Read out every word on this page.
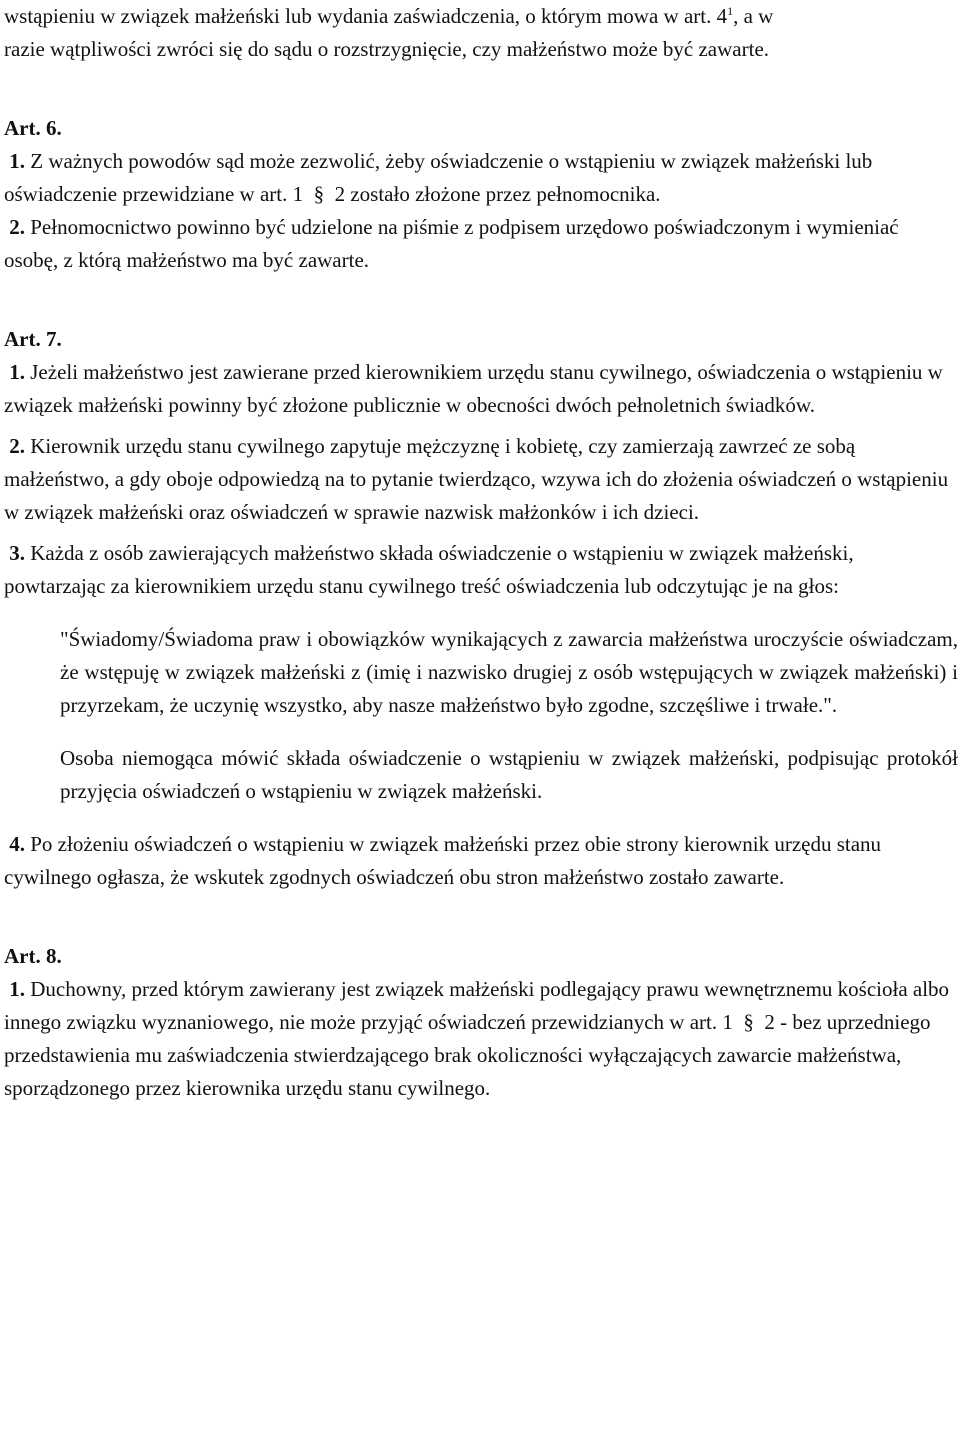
wstąpieniu w związek małżeński lub wydania zaświadczenia, o którym mowa w art. $4^1$, a w
razie wątpliwości zwróci się do sądu o rozstrzygnięcie, czy małżeństwo może być zawarte.

Art. 6.

1. Z ważnych powodów sąd może zezwolić, żeby oświadczenie o wstąpieniu w związek małżeński lub oświadczenie przewidziane w art. 1 § 2 zostało złożone przez pełnomocnika.

2. Pełnomocnictwo powinno być udzielone na piśmie z podpisem urzędowo poświadczonym i wymieniać osobę, z którą małżeństwo ma być zawarte.

Art. 7.

1. Jeżeli małżeństwo jest zawierane przed kierownikiem urzędu stanu cywilnego, oświadczenia o wstąpieniu w związek małżeński powinny być złożone publicznie w obecności dwóch pełnoletnich świadków.

2. Kierownik urzędu stanu cywilnego zapytuje mężczyznę i kobietę, czy zamierzają zawrzeć ze sobą małżeństwo, a gdy oboje odpowiedzą na to pytanie twierdząco, wzywa ich do złożenia oświadczeń o wstąpieniu w związek małżeński oraz oświadczeń w sprawie nazwisk małżonków i ich dzieci.

3. Każda z osób zawierających małżeństwo składa oświadczenie o wstąpieniu w związek małżeński, powtarzając za kierownikiem urzędu stanu cywilnego treść oświadczenia lub odczytując je na głos:

"Świadomy/Świadoma praw i obowiązków wynikających z zawarcia małżeństwa uroczyście oświadczam, że wstępuję w związek małżeński z (imię i nazwisko drugiej z osób wstępujących w związek małżeński) i przyrzekam, że uczynię wszystko, aby nasze małżeństwo było zgodne, szczęśliwe i trwałe.".

Osoba niemogąca mówić składa oświadczenie o wstąpieniu w związek małżeński, podpisując protokół przyjęcia oświadczeń o wstąpieniu w związek małżeński.

4. Po złożeniu oświadczeń o wstąpieniu w związek małżeński przez obie strony kierownik urzędu stanu cywilnego ogłasza, że wskutek zgodnych oświadczeń obu stron małżeństwo zostało zawarte.

Art. 8.

1. Duchowny, przed którym zawierany jest związek małżeński podlegający prawu wewnętrznemu kościoła albo innego związku wyznaniowego, nie może przyjąć oświadczeń przewidzianych w art. 1 § 2 - bez uprzedniego przedstawienia mu zaświadczenia stwierdzającego brak okoliczności wyłączających zawarcie małżeństwa, sporządzonego przez kierownika urzędu stanu cywilnego.
